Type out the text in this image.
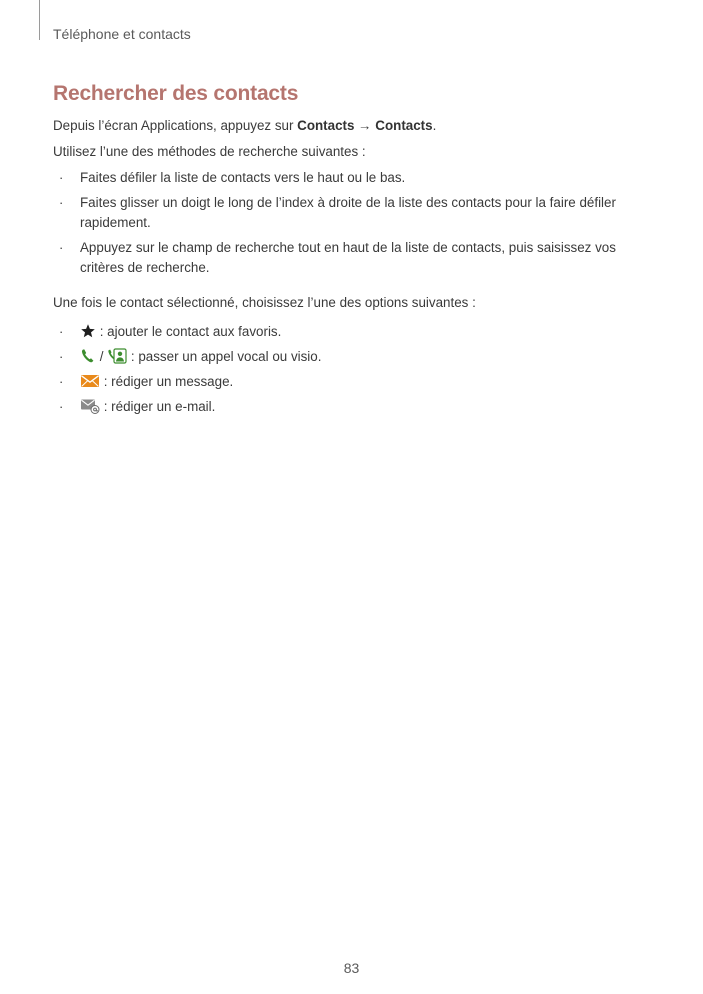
Téléphone et contacts
Rechercher des contacts
Depuis l’écran Applications, appuyez sur Contacts → Contacts.
Utilisez l’une des méthodes de recherche suivantes :
· Faites défiler la liste de contacts vers le haut ou le bas.
· Faites glisser un doigt le long de l’index à droite de la liste des contacts pour la faire défiler rapidement.
· Appuyez sur le champ de recherche tout en haut de la liste de contacts, puis saisissez vos critères de recherche.
Une fois le contact sélectionné, choisissez l’une des options suivantes :
· : ajouter le contact aux favoris.
· /
: passer un appel vocal ou visio.
·	: rédiger un message.
·	: rédiger un e-mail.
83
